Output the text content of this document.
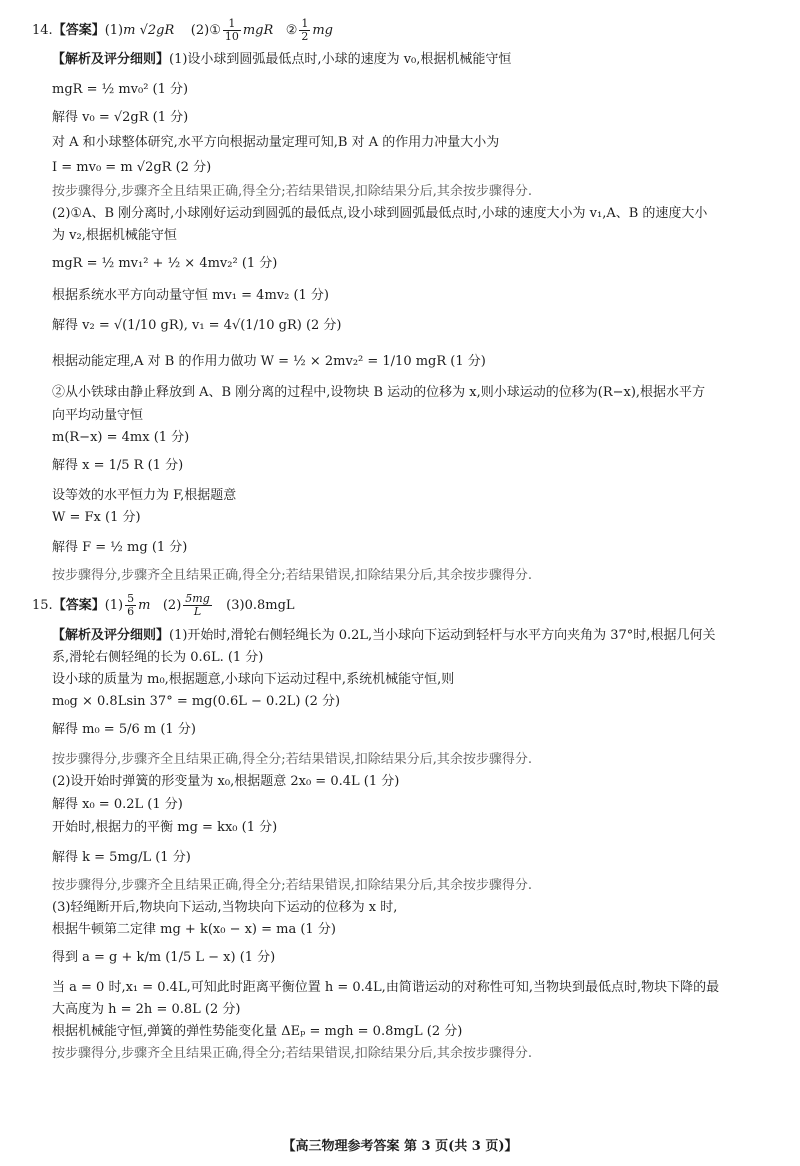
14.【答案】(1)m √2gR (2)① $\frac{1}{10}$ mgR ② $\frac{1}{2}$ mg
【解析及评分细则】(1)设小球到圆弧最低点时,小球的速度为 v₀,根据机械能守恒
mgR = ½ mv₀² (1 分)
解得 v₀ = √2gR (1 分)
对 A 和小球整体研究,水平方向根据动量定理可知,B 对 A 的作用力冲量大小为
I = mv₀ = m √2gR (2 分)
按步骤得分,步骤齐全且结果正确,得全分;若结果错误,扣除结果分后,其余按步骤得分.
(2)①A、B 刚分离时,小球刚好运动到圆弧的最低点,设小球到圆弧最低点时,小球的速度大小为 v₁,A、B 的速度大小
为 v₂,根据机械能守恒
mgR = ½ mv₁² + ½ × 4mv₂² (1 分)
根据系统水平方向动量守恒 mv₁ = 4mv₂ (1 分)
解得 v₂ = √(1/10 gR), v₁ = 4√(1/10 gR) (2 分)
根据动能定理,A 对 B 的作用力做功 W = ½ × 2mv₂² = 1/10 mgR (1 分)
②从小铁球由静止释放到 A、B 刚分离的过程中,设物块 B 运动的位移为 x,则小球运动的位移为(R−x),根据水平方
向平均动量守恒
m(R−x) = 4mx (1 分)
解得 x = 1/5 R (1 分)
设等效的水平恒力为 F,根据题意
W = Fx (1 分)
解得 F = ½ mg (1 分)
按步骤得分,步骤齐全且结果正确,得全分;若结果错误,扣除结果分后,其余按步骤得分.
15.【答案】$(1) \frac{5}{6}$ m $(2) \frac{5mg}{L} (3)0.8mgL$
【解析及评分细则】(1)开始时,滑轮右侧轻绳长为 0.2L,当小球向下运动到轻杆与水平方向夹角为 37°时,根据几何关
系,滑轮右侧轻绳的长为 0.6L. (1 分)
设小球的质量为 m₀,根据题意,小球向下运动过程中,系统机械能守恒,则
m₀g × 0.8Lsin 37° = mg(0.6L − 0.2L) (2 分)
解得 m₀ = 5/6 m (1 分)
按步骤得分,步骤齐全且结果正确,得全分;若结果错误,扣除结果分后,其余按步骤得分.
(2)设开始时弹簧的形变量为 x₀,根据题意 2x₀ = 0.4L (1 分)
解得 x₀ = 0.2L (1 分)
开始时,根据力的平衡 mg = kx₀ (1 分)
解得 k = 5mg/L (1 分)
按步骤得分,步骤齐全且结果正确,得全分;若结果错误,扣除结果分后,其余按步骤得分.
(3)轻绳断开后,物块向下运动,当物块向下运动的位移为 x 时,
根据牛顿第二定律 mg + k(x₀ − x) = ma (1 分)
得到 a = g + k/m (1/5 L − x) (1 分)
当 a = 0 时,x₁ = 0.4L,可知此时距离平衡位置 h = 0.4L,由简谐运动的对称性可知,当物块到最低点时,物块下降的最
大高度为 h = 2h = 0.8L (2 分)
根据机械能守恒,弹簧的弹性势能变化量 ΔEₚ = mgh = 0.8mgL (2 分)
按步骤得分,步骤齐全且结果正确,得全分;若结果错误,扣除结果分后,其余按步骤得分.
【高三物理参考答案 第 3 页(共 3 页)】
